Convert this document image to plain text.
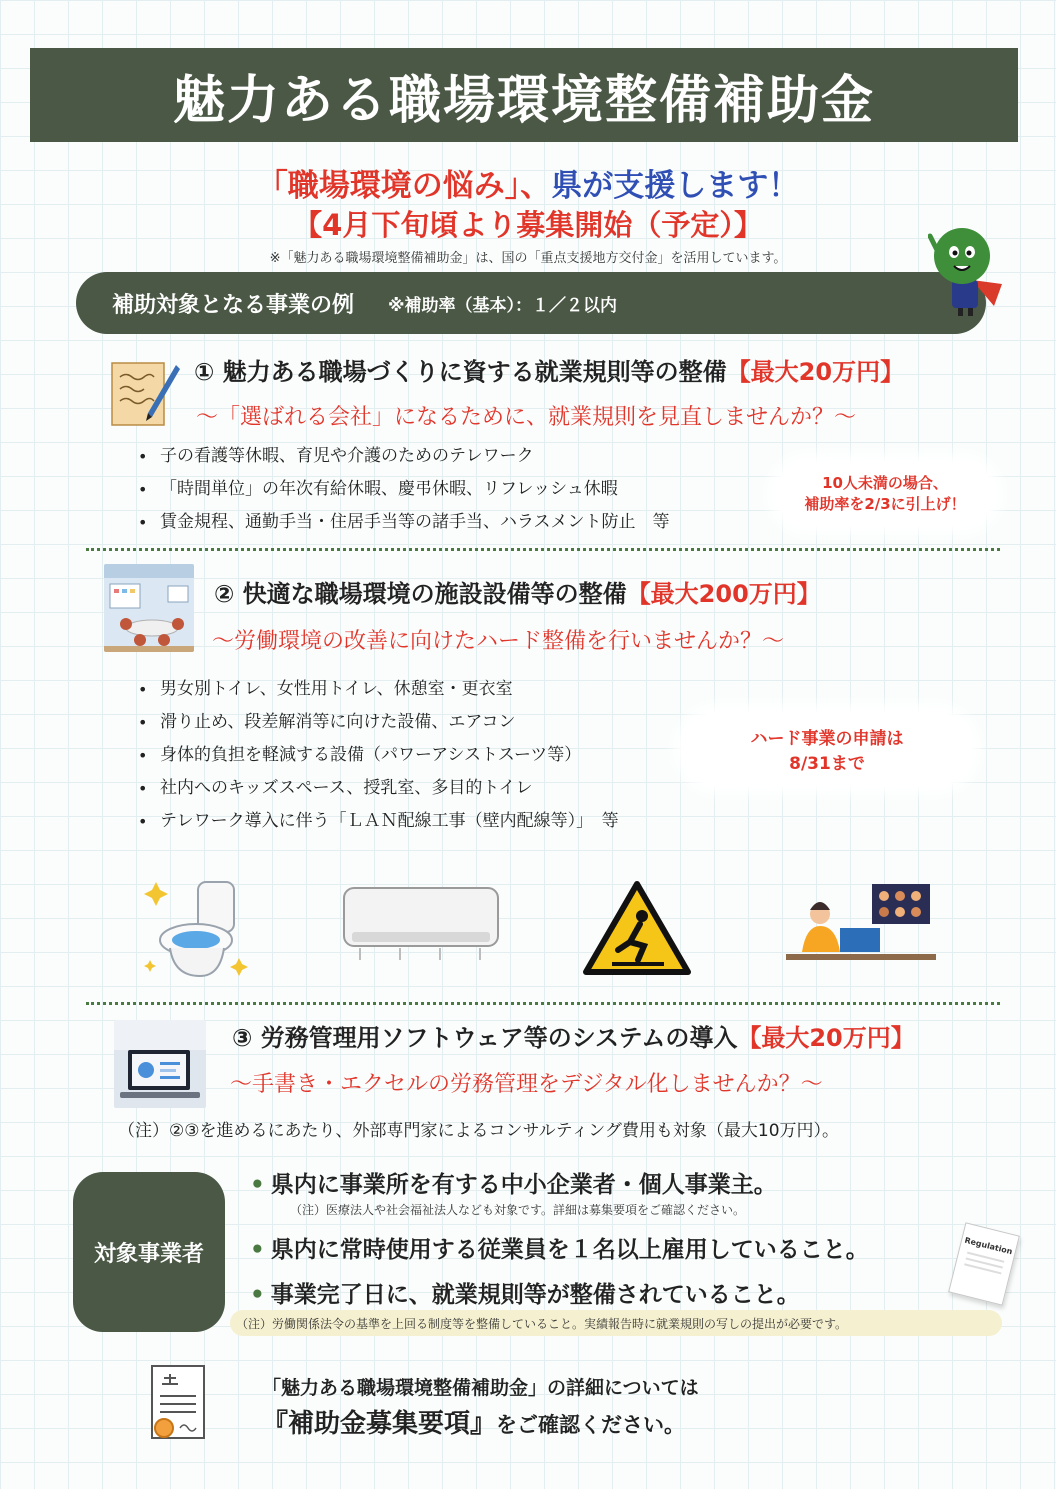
魅力ある職場環境整備補助金
「職場環境の悩み」、県が支援します！
【4月下旬頃より募集開始（予定）】
※「魅力ある職場環境整備補助金」は、国の「重点支援地方交付金」を活用しています。
補助対象となる事業の例 ※補助率（基本）：１／２以内
① 魅力ある職場づくりに資する就業規則等の整備【最大20万円】
～「選ばれる会社」になるために、就業規則を見直しませんか？～
• 子の看護等休暇、育児や介護のためのテレワーク
• 「時間単位」の年次有給休暇、慶弔休暇、リフレッシュ休暇
• 賃金規程、通勤手当・住居手当等の諸手当、ハラスメント防止　等
10人未満の場合、
補助率を2/3に引上げ！
② 快適な職場環境の施設設備等の整備【最大200万円】
～労働環境の改善に向けたハード整備を行いませんか？～
• 男女別トイレ、女性用トイレ、休憩室・更衣室
• 滑り止め、段差解消等に向けた設備、エアコン
• 身体的負担を軽減する設備（パワーアシストスーツ等）
• 社内へのキッズスペース、授乳室、多目的トイレ
• テレワーク導入に伴う「ＬＡＮ配線工事（壁内配線等）」　等
ハード事業の申請は
8/31まで
③ 労務管理用ソフトウェア等のシステムの導入【最大20万円】
～手書き・エクセルの労務管理をデジタル化しませんか？～
（注）②③を進めるにあたり、外部専門家によるコンサルティング費用も対象（最大10万円）。
対象事業者
• 県内に事業所を有する中小企業者・個人事業主。
（注）医療法人や社会福祉法人なども対象です。詳細は募集要項をご確認ください。
• 県内に常時使用する従業員を１名以上雇用していること。
• 事業完了日に、就業規則等が整備されていること。
（注）労働関係法令の基準を上回る制度等を整備していること。実績報告時に就業規則の写しの提出が必要です。
Regulation
「魅力ある職場環境整備補助金」の詳細については
『補助金募集要項』をご確認ください。
